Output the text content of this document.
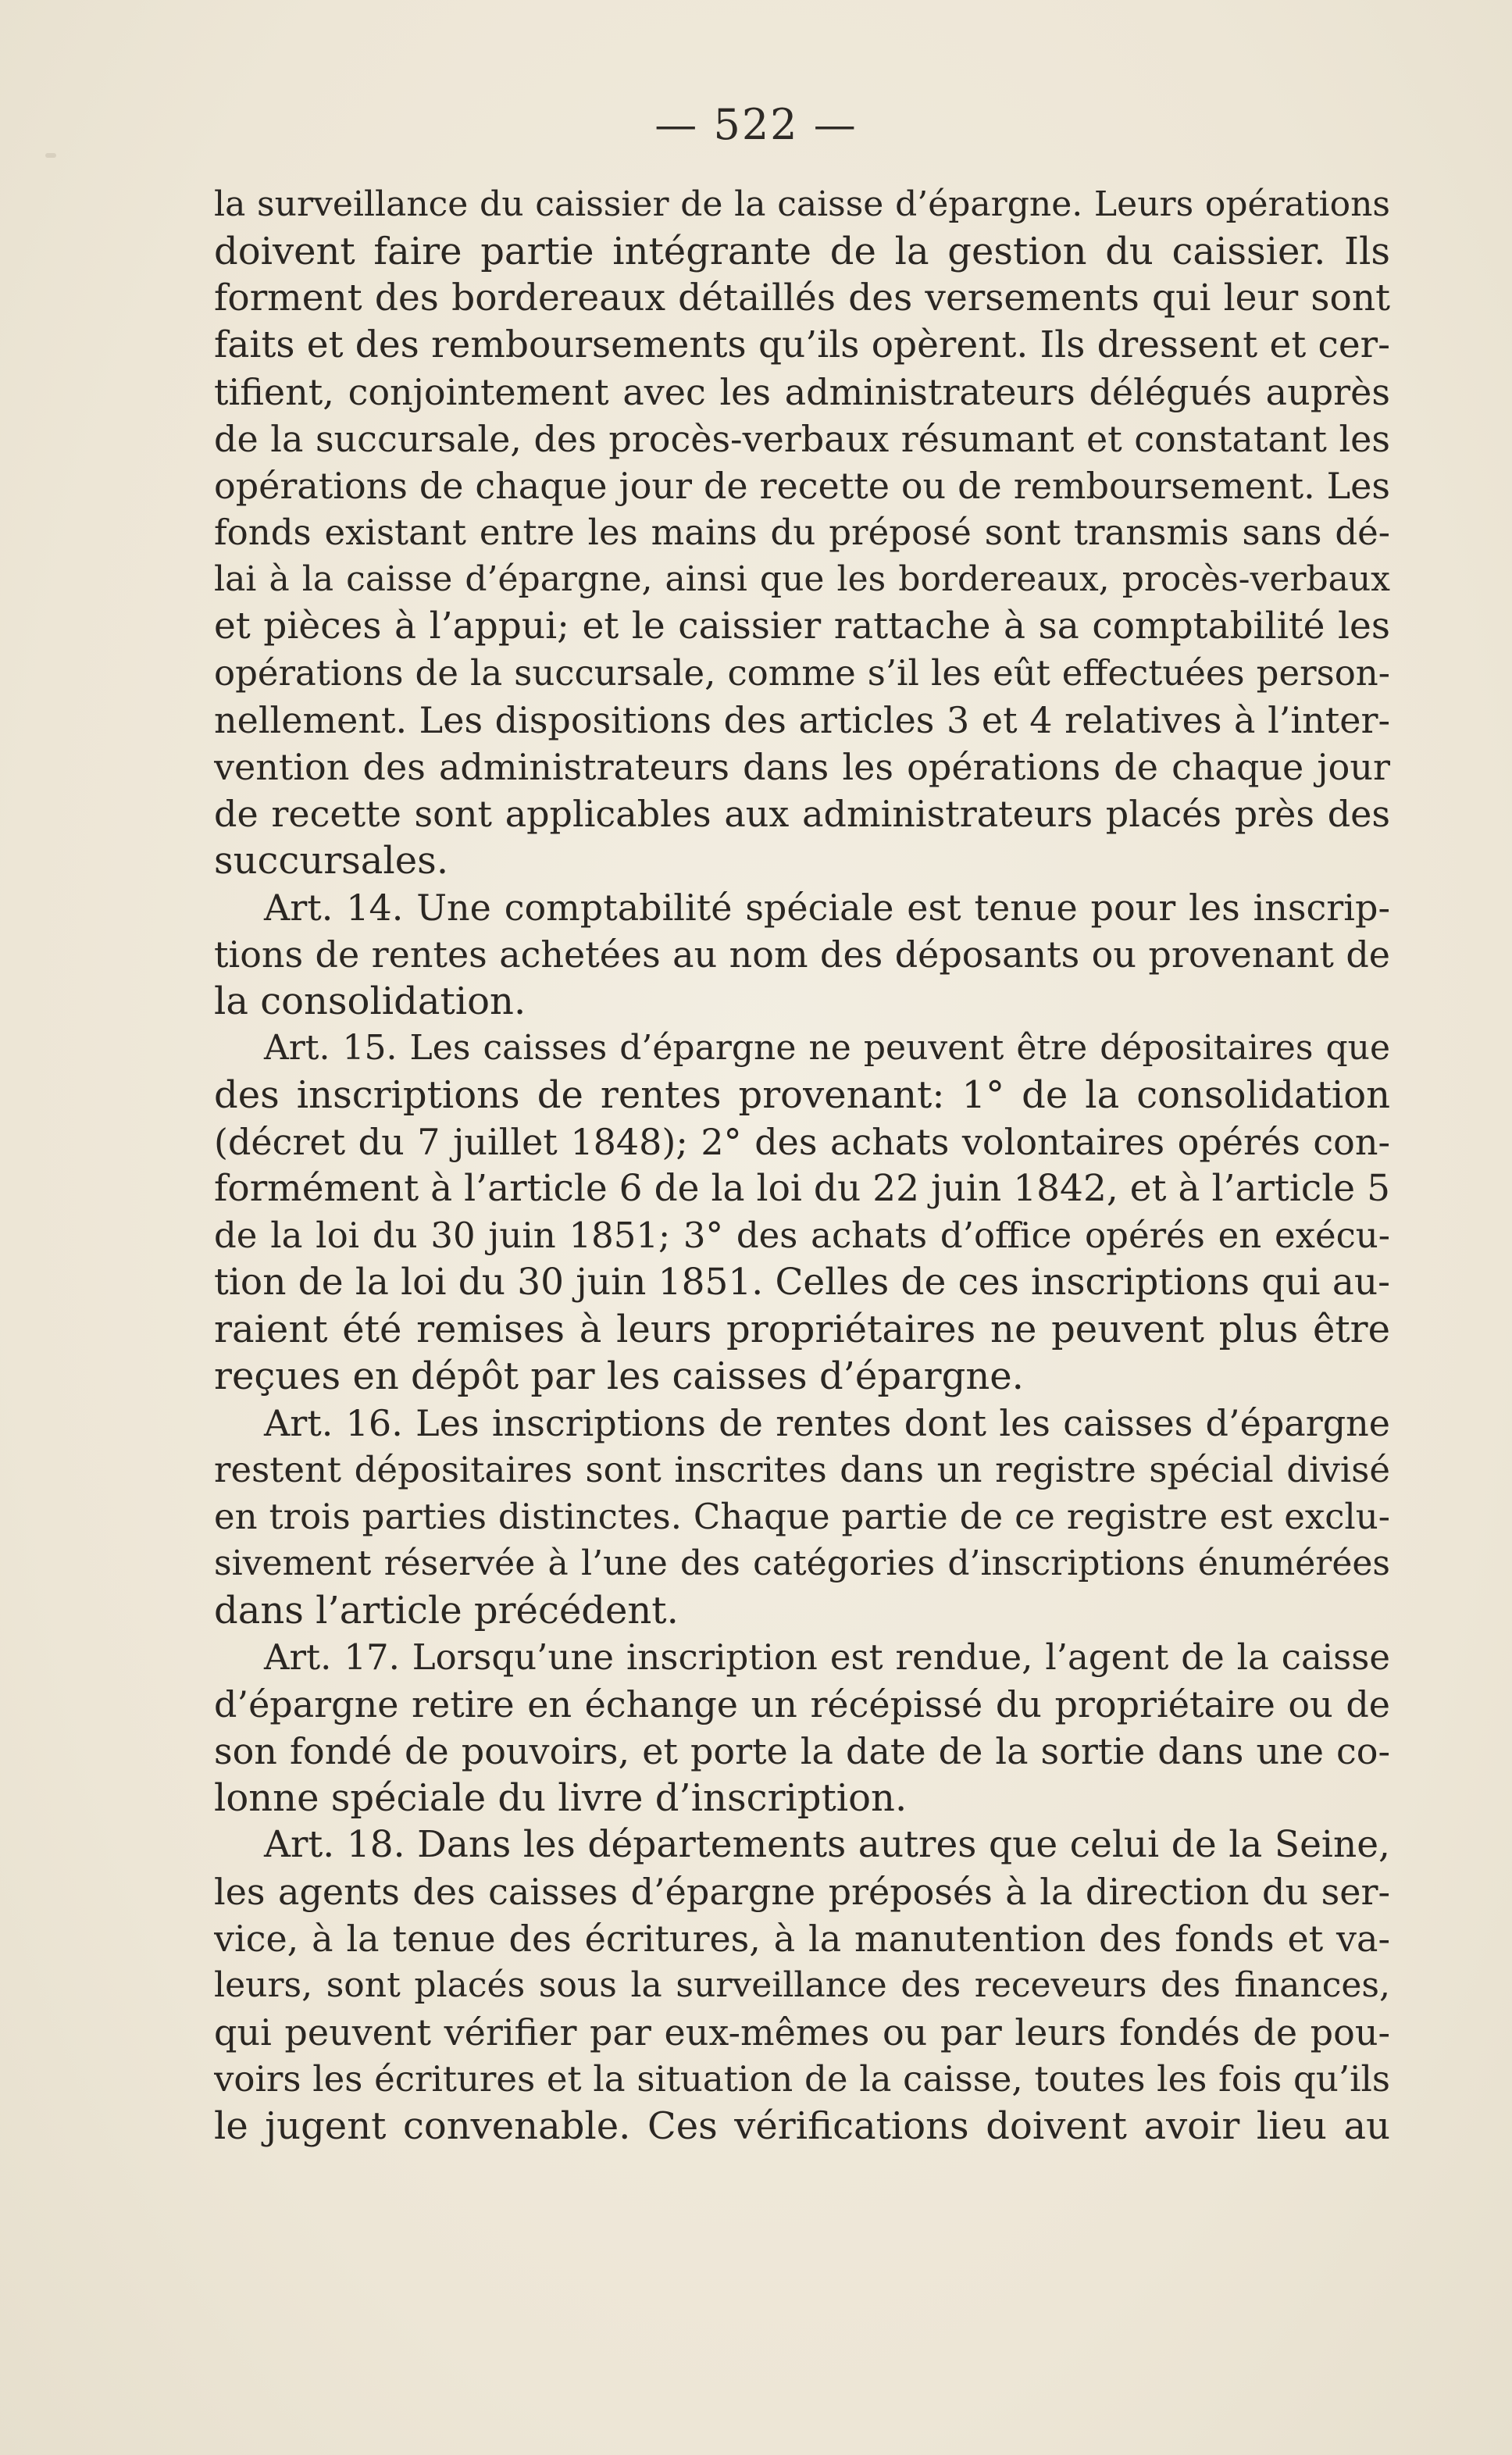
— 522 —
la surveillance du caissier de la caisse d’épargne. Leurs opérations
doivent faire partie intégrante de la gestion du caissier. Ils
forment des bordereaux détaillés des versements qui leur sont
faits et des remboursements qu’ils opèrent. Ils dressent et cer-
tifient, conjointement avec les administrateurs délégués auprès
de la succursale, des procès-verbaux résumant et constatant les
opérations de chaque jour de recette ou de remboursement. Les
fonds existant entre les mains du préposé sont transmis sans dé-
lai à la caisse d’épargne, ainsi que les bordereaux, procès-verbaux
et pièces à l’appui; et le caissier rattache à sa comptabilité les
opérations de la succursale, comme s’il les eût effectuées person-
nellement. Les dispositions des articles 3 et 4 relatives à l’inter-
vention des administrateurs dans les opérations de chaque jour
de recette sont applicables aux administrateurs placés près des
succursales.
Art. 14. Une comptabilité spéciale est tenue pour les inscrip-
tions de rentes achetées au nom des déposants ou provenant de
la consolidation.
Art. 15. Les caisses d’épargne ne peuvent être dépositaires que
des inscriptions de rentes provenant: 1° de la consolidation
(décret du 7 juillet 1848); 2° des achats volontaires opérés con-
formément à l’article 6 de la loi du 22 juin 1842, et à l’article 5
de la loi du 30 juin 1851; 3° des achats d’office opérés en exécu-
tion de la loi du 30 juin 1851. Celles de ces inscriptions qui au-
raient été remises à leurs propriétaires ne peuvent plus être
reçues en dépôt par les caisses d’épargne.
Art. 16. Les inscriptions de rentes dont les caisses d’épargne
restent dépositaires sont inscrites dans un registre spécial divisé
en trois parties distinctes. Chaque partie de ce registre est exclu-
sivement réservée à l’une des catégories d’inscriptions énumérées
dans l’article précédent.
Art. 17. Lorsqu’une inscription est rendue, l’agent de la caisse
d’épargne retire en échange un récépissé du propriétaire ou de
son fondé de pouvoirs, et porte la date de la sortie dans une co-
lonne spéciale du livre d’inscription.
Art. 18. Dans les départements autres que celui de la Seine,
les agents des caisses d’épargne préposés à la direction du ser-
vice, à la tenue des écritures, à la manutention des fonds et va-
leurs, sont placés sous la surveillance des receveurs des finances,
qui peuvent vérifier par eux-mêmes ou par leurs fondés de pou-
voirs les écritures et la situation de la caisse, toutes les fois qu’ils
le jugent convenable. Ces vérifications doivent avoir lieu au
